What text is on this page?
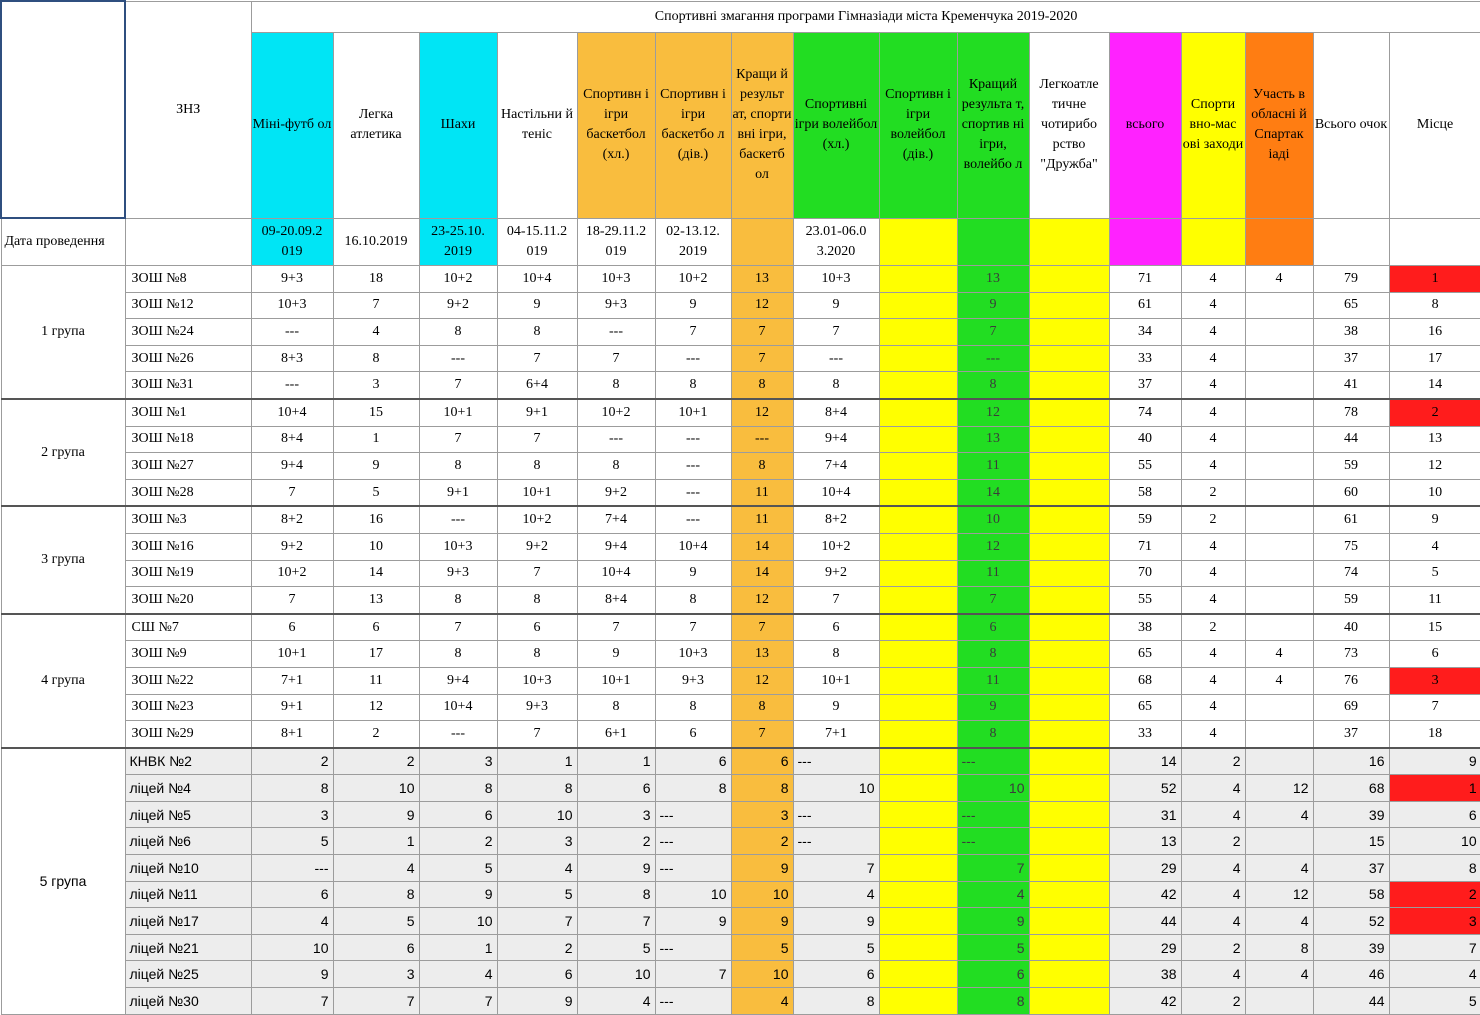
	ЗНЗ	Спортивні змагання програми Гімназіади міста Кременчука 2019-2020															
		Міні-футб ол	Легка атлетика	Шахи	Настільни й теніс	Спортивн і ігри баскетбол (хл.)	Спортивн і ігри баскетбо л (дів.)	Кращи й результ ат, спорти вні ігри, баскетб ол	Спортивні ігри волейбол (хл.)	Спортивн і ігри волейбол (дів.)	Кращий результа т, спортив ні ігри, волейбо л	Легкоатле тичне чотирибо рство "Дружба"	всього	Спорти вно-мас ові заходи	Участь в обласні й Спартак іаді	Всього очок	Місце
Дата проведення		09-20.09.2 019	16.10.2019	23-25.10. 2019	04-15.11.2 019	18-29.11.2 019	02-13.12. 2019		23.01-06.0 3.2020								
1 група	ЗОШ №8	9+3	18	10+2	10+4	10+3	10+2	13	10+3		13		71	4	4	79	1
	ЗОШ №12	10+3	7	9+2	9	9+3	9	12	9		9		61	4		65	8
	ЗОШ №24	---	4	8	8	---	7	7	7		7		34	4		38	16
	ЗОШ №26	8+3	8	---	7	7	---	7	---		---		33	4		37	17
	ЗОШ №31	---	3	7	6+4	8	8	8	8		8		37	4		41	14
2 група	ЗОШ №1	10+4	15	10+1	9+1	10+2	10+1	12	8+4		12		74	4		78	2
	ЗОШ №18	8+4	1	7	7	---	---	---	9+4		13		40	4		44	13
	ЗОШ №27	9+4	9	8	8	8	---	8	7+4		11		55	4		59	12
	ЗОШ №28	7	5	9+1	10+1	9+2	---	11	10+4		14		58	2		60	10
3 група	ЗОШ №3	8+2	16	---	10+2	7+4	---	11	8+2		10		59	2		61	9
	ЗОШ №16	9+2	10	10+3	9+2	9+4	10+4	14	10+2		12		71	4		75	4
	ЗОШ №19	10+2	14	9+3	7	10+4	9	14	9+2		11		70	4		74	5
	ЗОШ №20	7	13	8	8	8+4	8	12	7		7		55	4		59	11
4 група	СШ №7	6	6	7	6	7	7	7	6		6		38	2		40	15
	ЗОШ №9	10+1	17	8	8	9	10+3	13	8		8		65	4	4	73	6
	ЗОШ №22	7+1	11	9+4	10+3	10+1	9+3	12	10+1		11		68	4	4	76	3
	ЗОШ №23	9+1	12	10+4	9+3	8	8	8	9		9		65	4		69	7
	ЗОШ №29	8+1	2	---	7	6+1	6	7	7+1		8		33	4		37	18
5 група	КНВК №2	2	2	3	1	1	6	6	---		---		14	2		16	9
	ліцей №4	8	10	8	8	6	8	8	10		10		52	4	12	68	1
	ліцей №5	3	9	6	10	3	---	3	---		---		31	4	4	39	6
	ліцей №6	5	1	2	3	2	---	2	---		---		13	2		15	10
	ліцей №10	---	4	5	4	9	---	9	7		7		29	4	4	37	8
	ліцей №11	6	8	9	5	8	10	10	4		4		42	4	12	58	2
	ліцей №17	4	5	10	7	7	9	9	9		9		44	4	4	52	3
	ліцей №21	10	6	1	2	5	---	5	5		5		29	2	8	39	7
	ліцей №25	9	3	4	6	10	7	10	6		6		38	4	4	46	4
	ліцей №30	7	7	7	9	4	---	4	8		8		42	2		44	5
